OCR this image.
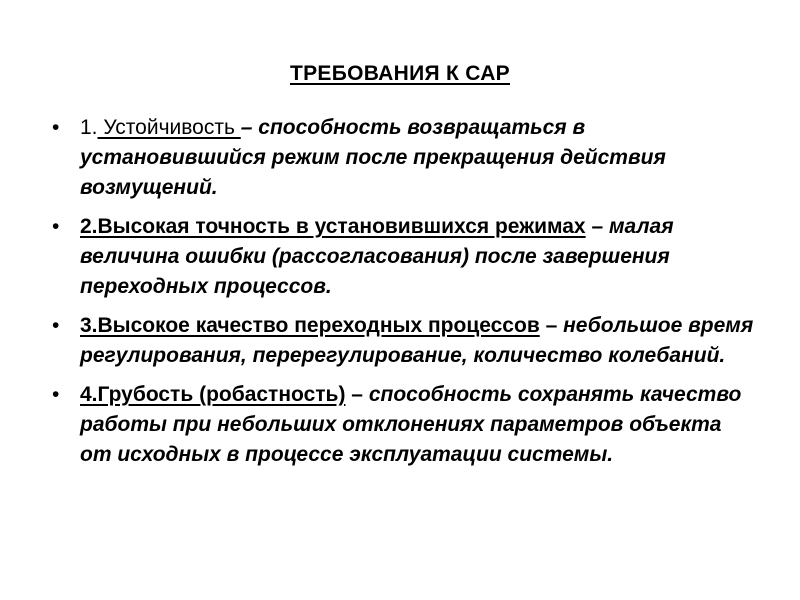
ТРЕБОВАНИЯ К САР
• 1. Устойчивость – способность возвращаться в установившийся режим после прекращения действия возмущений.
• 2.Высокая точность в установившихся режимах – малая величина ошибки (рассогласования) после завершения переходных процессов.
• 3.Высокое качество переходных процессов – небольшое время регулирования, перерегулирование, количество колебаний.
• 4.Грубость (робастность) – способность сохранять качество работы при небольших отклонениях параметров объекта от исходных в процессе эксплуатации системы.
